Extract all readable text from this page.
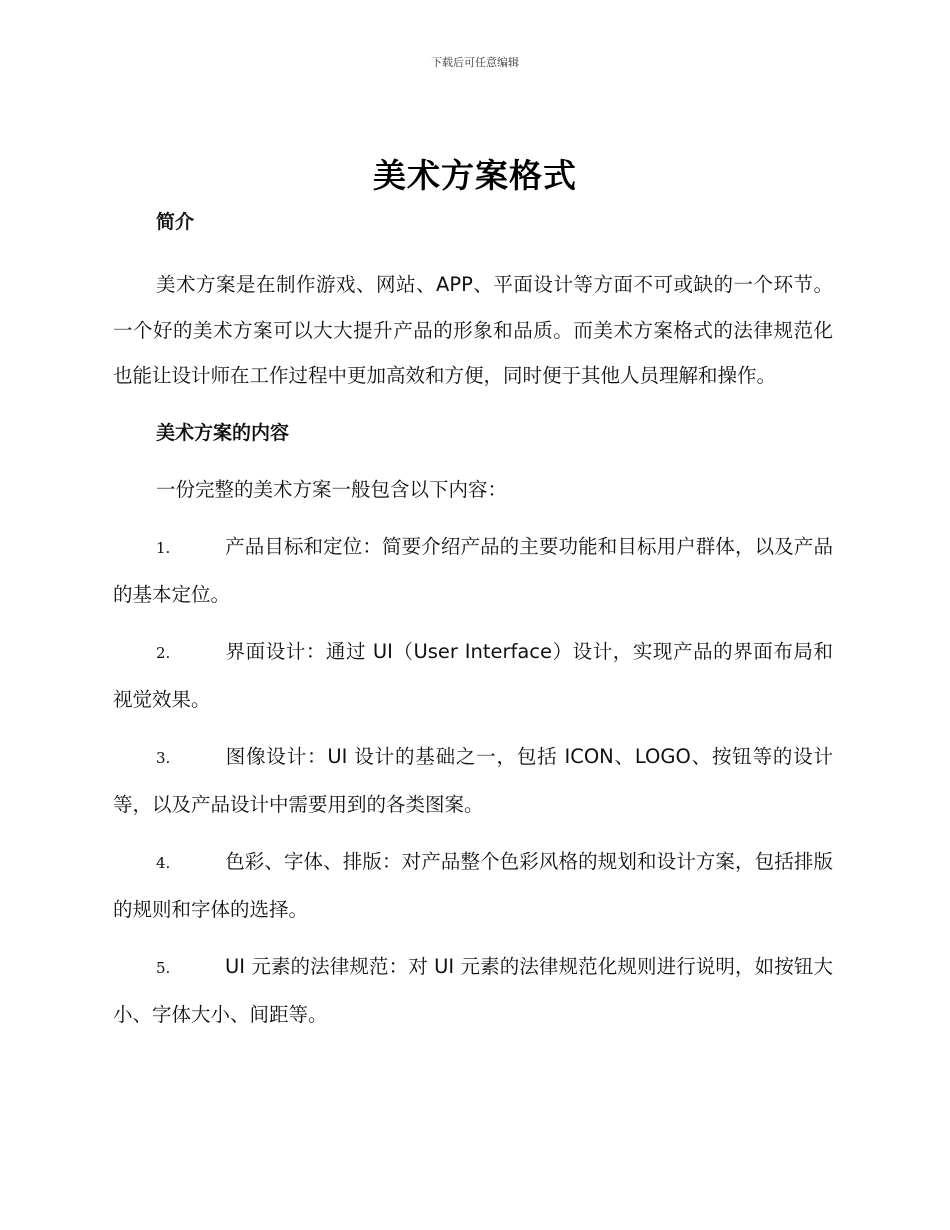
下载后可任意编辑
美术方案格式
简介

美术方案是在制作游戏、网站、APP、平面设计等方面不可或缺的一个环节。一个好的美术方案可以大大提升产品的形象和品质。而美术方案格式的法律规范化也能让设计师在工作过程中更加高效和方便，同时便于其他人员理解和操作。

美术方案的内容

一份完整的美术方案一般包含以下内容：

1.	产品目标和定位：简要介绍产品的主要功能和目标用户群体，以及产品的基本定位。

2.	界面设计：通过 UI（User Interface）设计，实现产品的界面布局和视觉效果。

3.	图像设计：UI 设计的基础之一，包括 ICON、LOGO、按钮等的设计等，以及产品设计中需要用到的各类图案。

4.	色彩、字体、排版：对产品整个色彩风格的规划和设计方案，包括排版的规则和字体的选择。

5.	UI 元素的法律规范：对 UI 元素的法律规范化规则进行说明，如按钮大小、字体大小、间距等。
